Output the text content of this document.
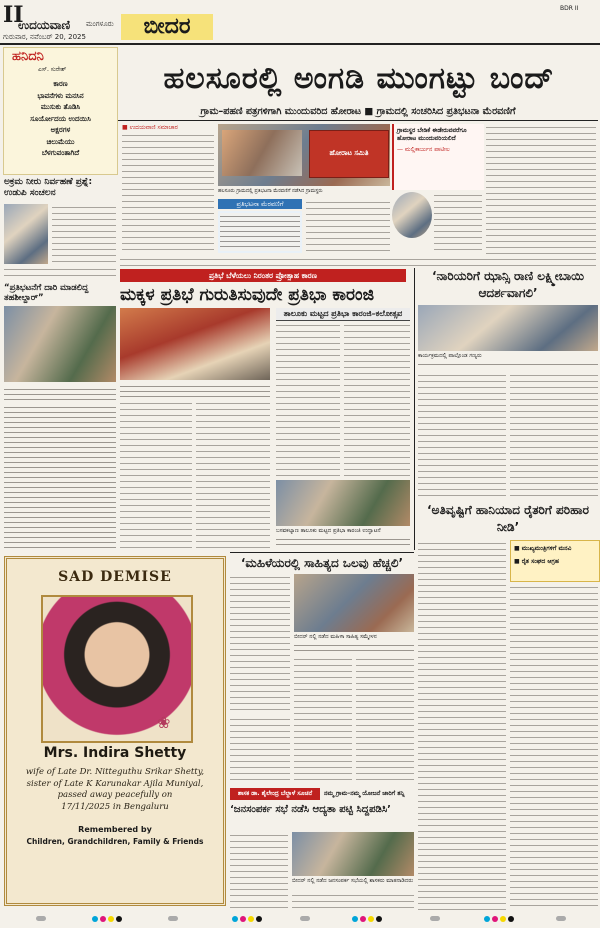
II
ಉದಯವಾಣಿ ಮಂಗಳೂರು
ಗುರುವಾರ, ನವೆಂಬರ್ 20, 2025	ಬೀದರ
BDR II
ಹನಿದನಿ
ಎಸ್. ಸುರೇಶ್
ಕಾರಣ
ಭಾವನೆಗಳು ಮನಸಿನ
ಮುಸುಕು ತೊಡಿಸಿ
ಸೂರ್ಯೋದಯ ಉದಯಿಸಿ
ಅಕ್ಷರಗಳ
ಚಿಲುಮೆಯು
ಬೆಳಗುವಂತಾಗಿದೆ
ಅಕ್ರಮ ನೀರು ನಿರ್ವಹಣೆ ಪ್ರಶ್ನೆ: ಉಡುಪಿ ಸಂಚಲನ
“ಪ್ರತಿಭಟನೆಗೆ ದಾರಿ ಮಾಡಲಿದ್ದ ತಹಶೀಲ್ದಾರ್”
ಹಲಸೂರಲ್ಲಿ ಅಂಗಡಿ ಮುಂಗಟ್ಟು ಬಂದ್
ಗ್ರಾಮ–ಪಹಣಿ ಪತ್ರಗಳಿಗಾಗಿ ಮುಂದುವರಿದ ಹೋರಾಟ ■ ಗ್ರಾಮದಲ್ಲಿ ಸಂಚರಿಸಿದ ಪ್ರತಿಭಟನಾ ಮೆರವಣಿಗೆ
■ ಉದಯವಾಣಿ ಸಮಾಚಾರ
ಹೋರಾಟ ಸಮಿತಿ
ಹಲಸೂರು ಗ್ರಾಮದಲ್ಲಿ ಪ್ರತಿಭಟನಾ ಮೆರವಣಿಗೆ ನಡೆಸಿದ ಗ್ರಾಮಸ್ಥರು
ಗ್ರಾಮಸ್ಥರ ಬೇಡಿಕೆ ಈಡೇರುವವರೆಗೂ ಹೋರಾಟ ಮುಂದುವರಿಯಲಿದೆ
— ಮಲ್ಲಿಕಾರ್ಜುನ ಪಾಟೀಲ
ಪ್ರತಿಭಟನಾ ಮೆರವಣಿಗೆ
ಪ್ರತಿಭೆ ಬೆಳೆಯಲು ನಿರಂತರ ಪ್ರೋತ್ಸಾಹ ಕಾರಣ
ಮಕ್ಕಳ ಪ್ರತಿಭೆ ಗುರುತಿಸುವುದೇ ಪ್ರತಿಭಾ ಕಾರಂಜಿ
ತಾಲೂಕು ಮಟ್ಟದ ಪ್ರತಿಭಾ ಕಾರಂಜಿ–ಕಲೋತ್ಸವ
ಬಸವಕಲ್ಯಾಣ ತಾಲೂಕು ಮಟ್ಟದ ಪ್ರತಿಭಾ ಕಾರಂಜಿ ಉದ್ಘಾಟನೆ
‘ನಾರಿಯರಿಗೆ ಝಾನ್ಸಿ ರಾಣಿ ಲಕ್ಷ್ಮೀಬಾಯಿ ಆದರ್ಶವಾಗಲಿ’
ಕಾರ್ಯಕ್ರಮದಲ್ಲಿ ಪಾಲ್ಗೊಂಡ ಗಣ್ಯರು
‘ಅತಿವೃಷ್ಟಿಗೆ ಹಾನಿಯಾದ ರೈತರಿಗೆ ಪರಿಹಾರ ನೀಡಿ’
■ ಮುಖ್ಯಮಂತ್ರಿಗಳಿಗೆ ಮನವಿ
■ ರೈತ ಸಂಘದ ಆಗ್ರಹ
‘ಮಹಿಳೆಯರಲ್ಲಿ ಸಾಹಿತ್ಯದ ಒಲವು ಹೆಚ್ಚಲಿ’
ಬೀದರ್ ನಲ್ಲಿ ನಡೆದ ಮಹಿಳಾ ಸಾಹಿತ್ಯ ಸಮ್ಮೇಳನ
SAD DEMISE
❀
Mrs. Indira Shetty
wife of Late Dr. Nitteguthu Srikar Shetty,
sister of Late K Karunakar Ajila Muniyal,
passed away peacefully on
17/11/2025 in Bengaluru
Remembered by
Children, Grandchildren, Family & Friends
ಶಾಸಕ ಡಾ. ಶೈಲೇಂದ್ರ ಬೆಲ್ದಾಳೆ ಸೂಚನೆ	ನಮ್ಮ ಗ್ರಾಮ–ನಮ್ಮ ಯೋಜನೆ ಜಾರಿಗೆ ತನ್ನಿ
‘ಜನಸಂಪರ್ಕ ಸಭೆ ನಡೆಸಿ ಆದ್ಯತಾ ಪಟ್ಟಿ ಸಿದ್ದಪಡಿಸಿ’
ಬೀದರ್ ನಲ್ಲಿ ನಡೆದ ಜನಸಂಪರ್ಕ ಸಭೆಯಲ್ಲಿ ಶಾಸಕರು ಮಾತನಾಡಿದರು
